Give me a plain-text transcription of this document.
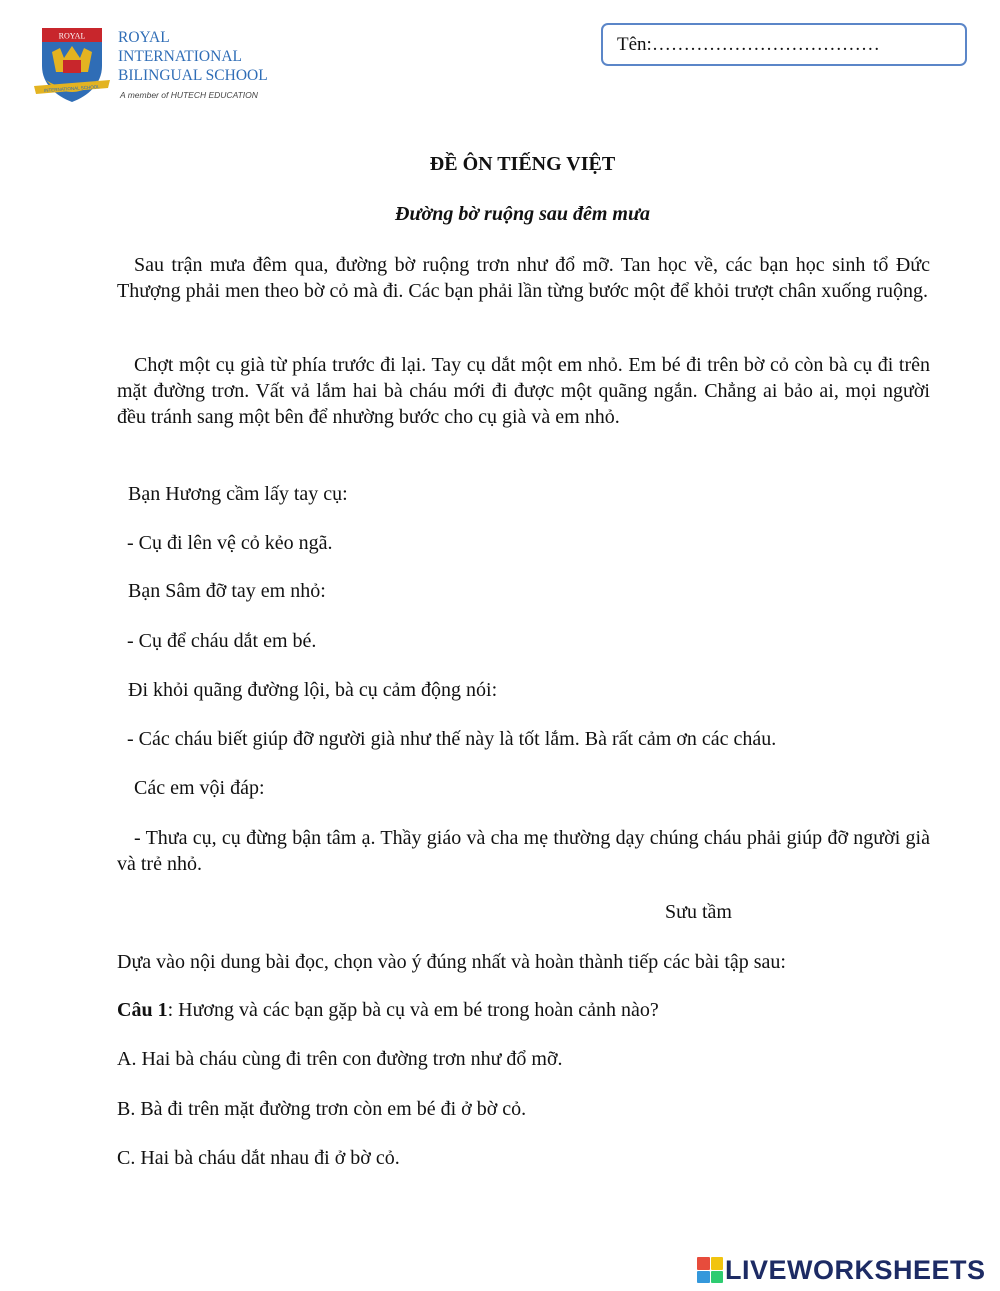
ROYAL
INTERNATIONAL SCHOOL
ROYAL
INTERNATIONAL
BILINGUAL SCHOOL
A member of HUTECH EDUCATION
Tên:………………………………
ĐỀ ÔN TIẾNG VIỆT
Đường bờ ruộng sau đêm mưa
Sau trận mưa đêm qua, đường bờ ruộng trơn như đổ mỡ. Tan học về, các bạn học sinh tổ Đức Thượng phải men theo bờ cỏ mà đi. Các bạn phải lần từng bước một để khỏi trượt chân xuống ruộng.
Chợt một cụ già từ phía trước đi lại. Tay cụ dắt một em nhỏ. Em bé đi trên bờ cỏ còn bà cụ đi trên mặt đường trơn. Vất vả lắm hai bà cháu mới đi được một quãng ngắn. Chẳng ai bảo ai, mọi người đều tránh sang một bên để nhường bước cho cụ già và em nhỏ.
Bạn Hương cầm lấy tay cụ:
- Cụ đi lên vệ cỏ kẻo ngã.
Bạn Sâm đỡ tay em nhỏ:
- Cụ để cháu dắt em bé.
Đi khỏi quãng đường lội, bà cụ cảm động nói:
- Các cháu biết giúp đỡ người già như thế này là tốt lắm. Bà rất cảm ơn các cháu.
Các em vội đáp:
- Thưa cụ, cụ đừng bận tâm ạ. Thầy giáo và cha mẹ thường dạy chúng cháu phải giúp đỡ người già và trẻ nhỏ.
Sưu tầm
Dựa vào nội dung bài đọc, chọn vào ý đúng nhất và hoàn thành tiếp các bài tập sau:
Câu 1: Hương và các bạn gặp bà cụ và em bé trong hoàn cảnh nào?
A. Hai bà cháu cùng đi trên con đường trơn như đổ mỡ.
B. Bà đi trên mặt đường trơn còn em bé đi ở bờ cỏ.
C. Hai bà cháu dắt nhau đi ở bờ cỏ.
LIVEWORKSHEETS
